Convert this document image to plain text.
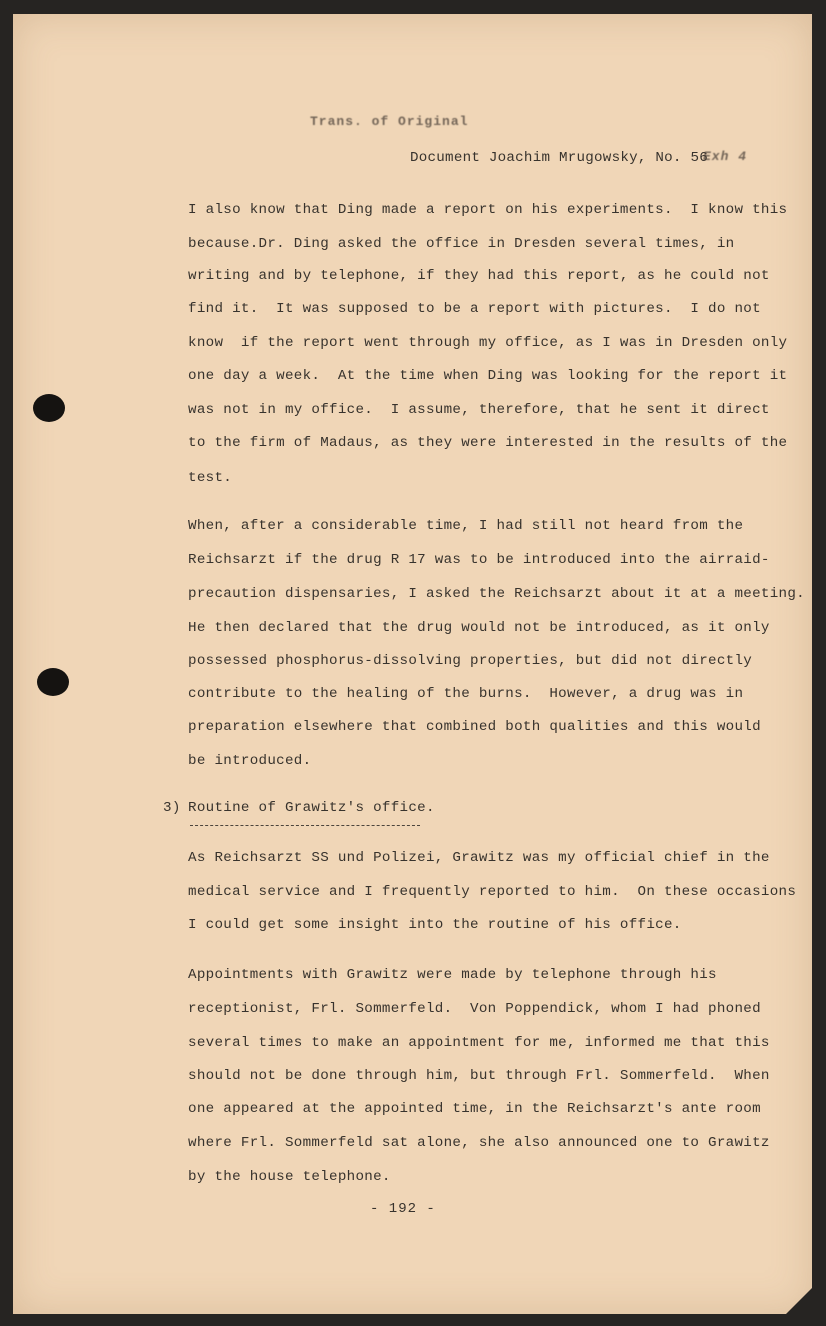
Trans. of Original
Document Joachim Mrugowsky, No. 56
Exh 4
I also know that Ding made a report on his experiments.  I know this
because.Dr. Ding asked the office in Dresden several times, in
writing and by telephone, if they had this report, as he could not
find it.  It was supposed to be a report with pictures.  I do not
know  if the report went through my office, as I was in Dresden only
one day a week.  At the time when Ding was looking for the report it
was not in my office.  I assume, therefore, that he sent it direct
to the firm of Madaus, as they were interested in the results of the
test.
When, after a considerable time, I had still not heard from the
Reichsarzt if the drug R 17 was to be introduced into the airraid-
precaution dispensaries, I asked the Reichsarzt about it at a meeting.
He then declared that the drug would not be introduced, as it only
possessed phosphorus-dissolving properties, but did not directly
contribute to the healing of the burns.  However, a drug was in
preparation elsewhere that combined both qualities and this would
be introduced.
3) Routine of Grawitz's office.
As Reichsarzt SS und Polizei, Grawitz was my official chief in the
medical service and I frequently reported to him.  On these occasions
I could get some insight into the routine of his office.
Appointments with Grawitz were made by telephone through his
receptionist, Frl. Sommerfeld.  Von Poppendick, whom I had phoned
several times to make an appointment for me, informed me that this
should not be done through him, but through Frl. Sommerfeld.  When
one appeared at the appointed time, in the Reichsarzt's ante room
where Frl. Sommerfeld sat alone, she also announced one to Grawitz
by the house telephone.
- 192 -
